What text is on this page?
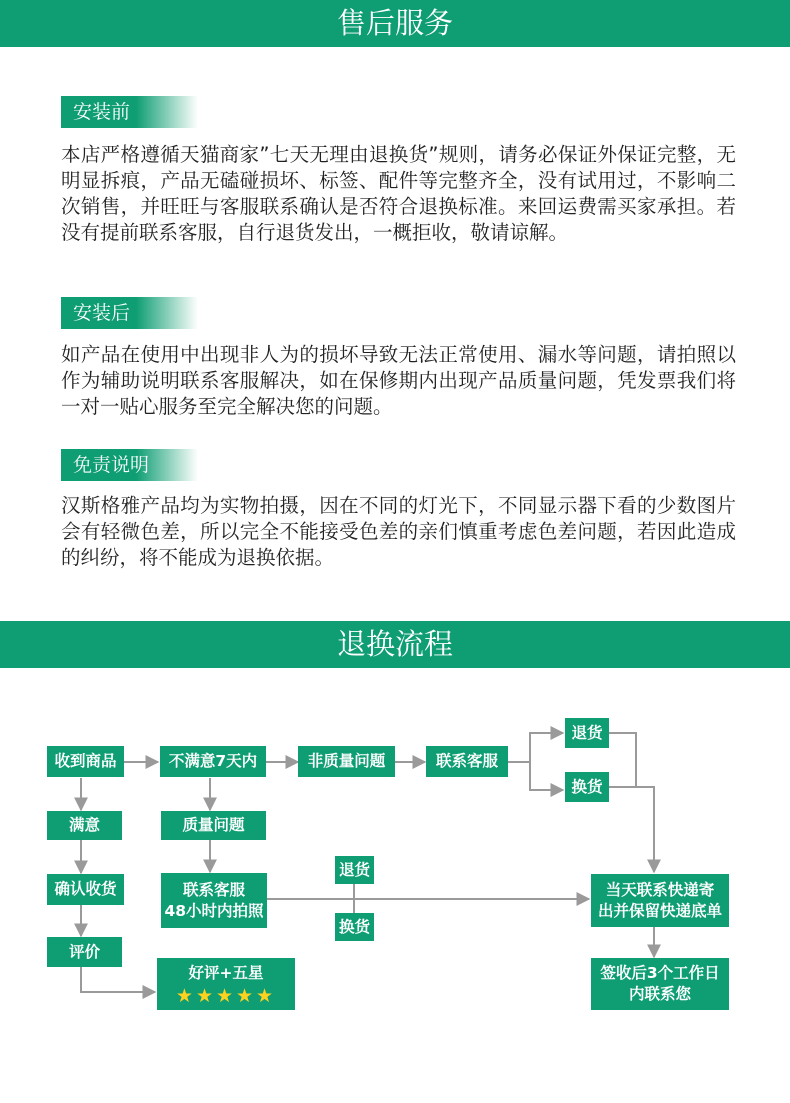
售后服务
安装前

本店严格遵循天猫商家”七天无理由退换货”规则，请务必保证外保证完整，无明显拆痕，产品无磕碰损坏、标签、配件等完整齐全，没有试用过，不影响二次销售，并旺旺与客服联系确认是否符合退换标准。来回运费需买家承担。若没有提前联系客服，自行退货发出，一概拒收，敬请谅解。

安装后

如产品在使用中出现非人为的损坏导致无法正常使用、漏水等问题，请拍照以作为辅助说明联系客服解决，如在保修期内出现产品质量问题，凭发票我们将一对一贴心服务至完全解决您的问题。

免责说明

汉斯格雅产品均为实物拍摄，因在不同的灯光下，不同显示器下看的少数图片会有轻微色差，所以完全不能接受色差的亲们慎重考虑色差问题，若因此造成的纠纷，将不能成为退换依据。

退换流程
收到商品	不满意7天内	非质量问题	联系客服
退货
换货
满意	质量问题
确认收货	联系客服
48小时内拍照
退货
换货
当天联系快递寄
出并保留快递底单
评价
好评+五星
★★★★★
签收后3个工作日
内联系您
